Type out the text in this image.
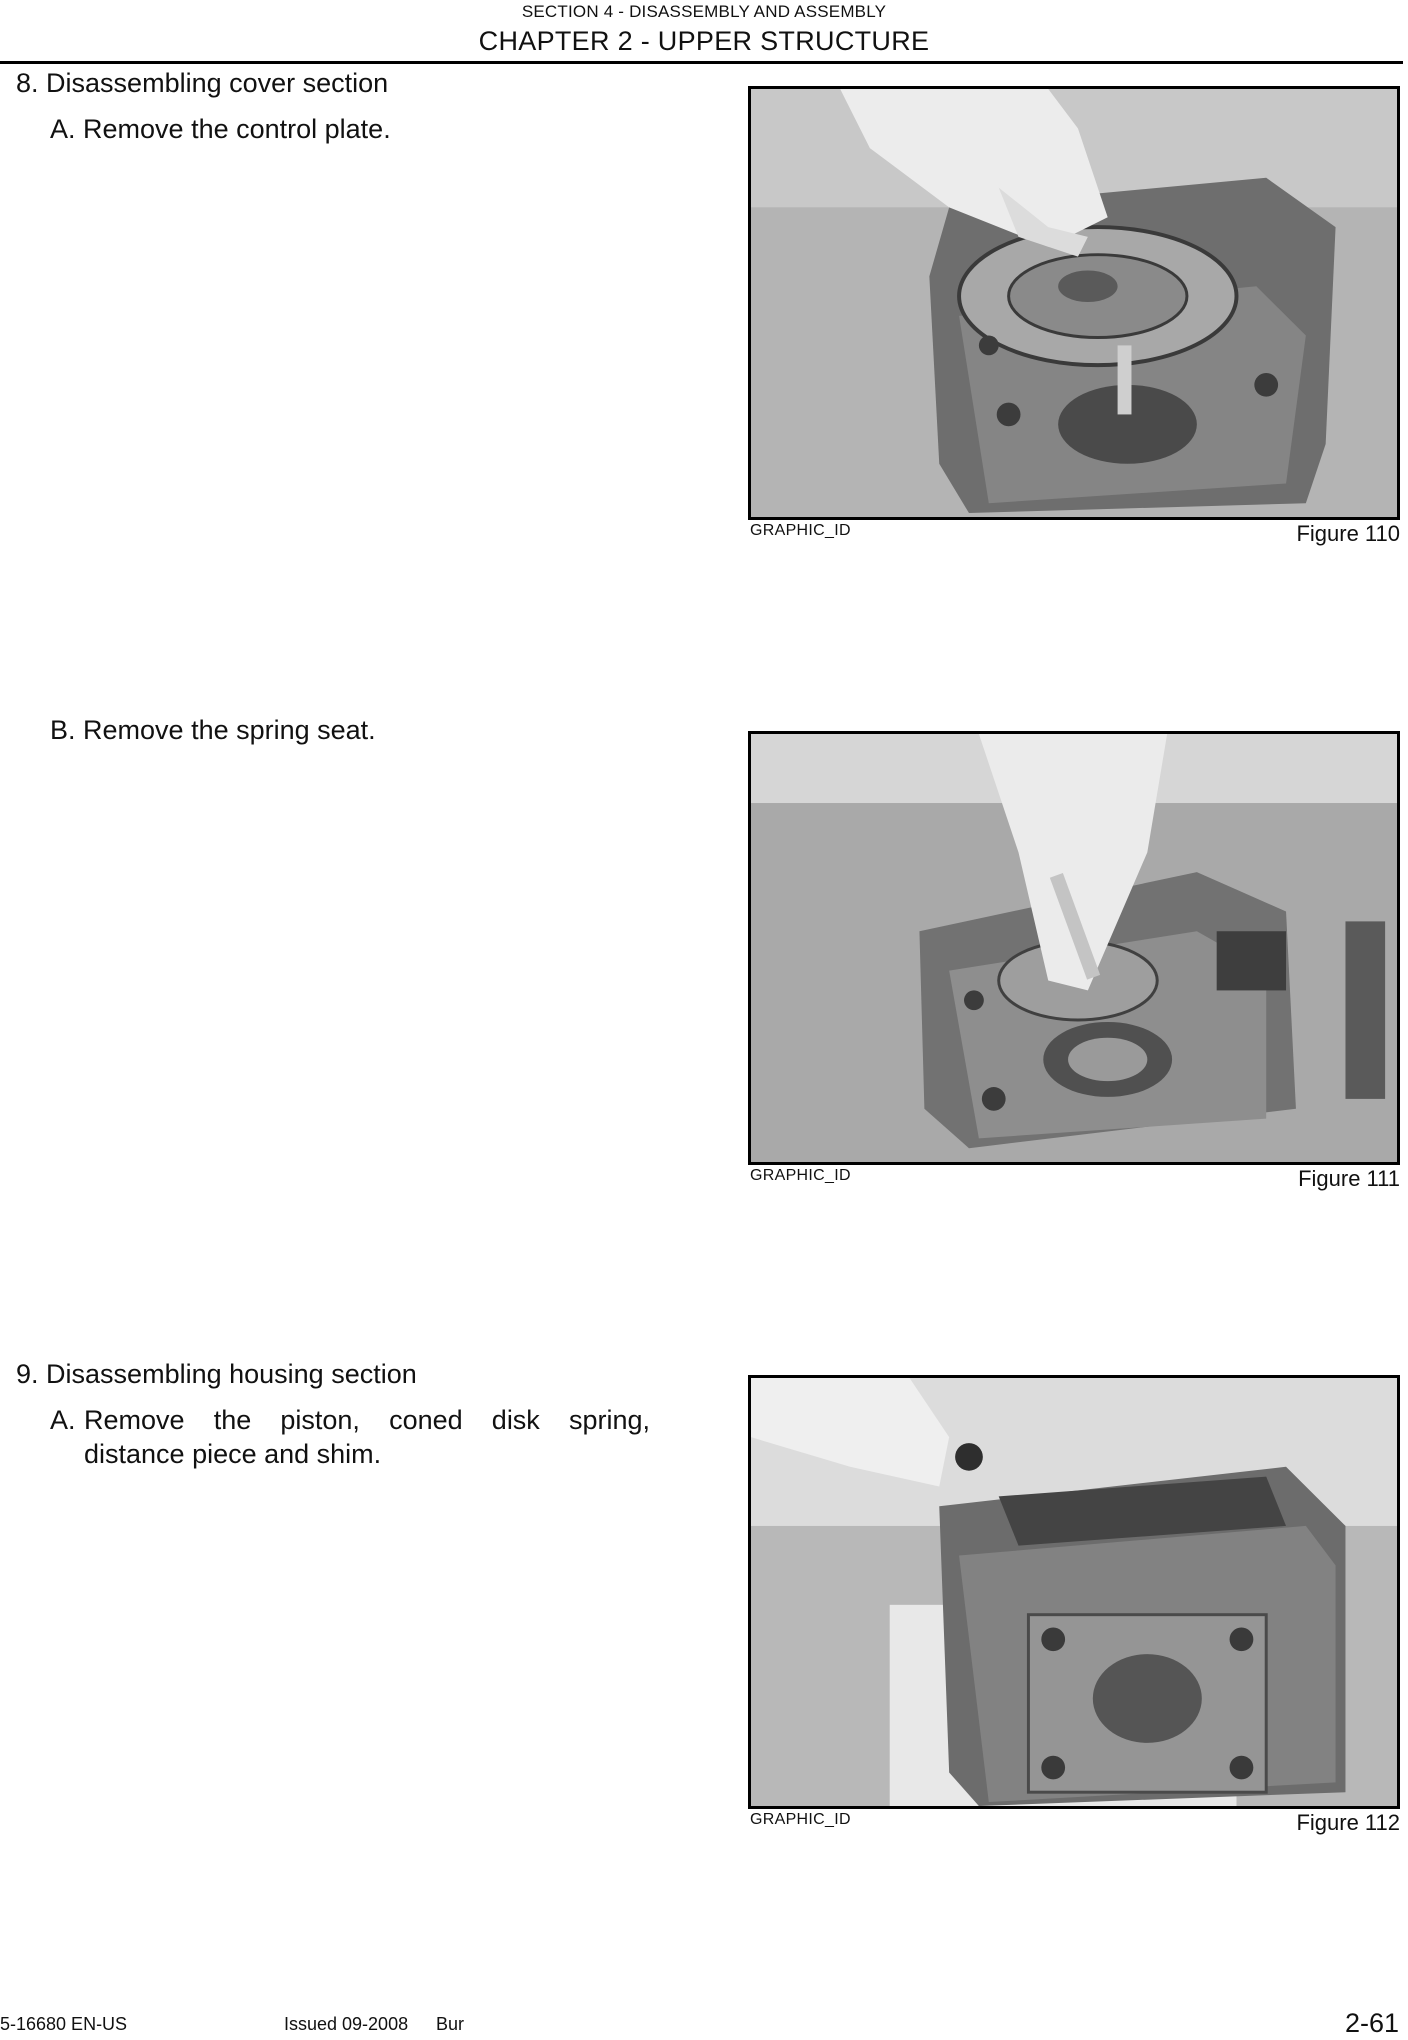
SECTION 4 - DISASSEMBLY AND ASSEMBLY
CHAPTER 2 - UPPER STRUCTURE
8. Disassembling cover section
A. Remove the control plate.
GRAPHIC_ID	Figure 110
B. Remove the spring seat.
GRAPHIC_ID	Figure 111
9. Disassembling housing section
A. Remove the piston, coned disk spring,
distance piece and shim.
GRAPHIC_ID	Figure 112
5-16680 EN-US	Issued 09-2008 Bur	2-61
